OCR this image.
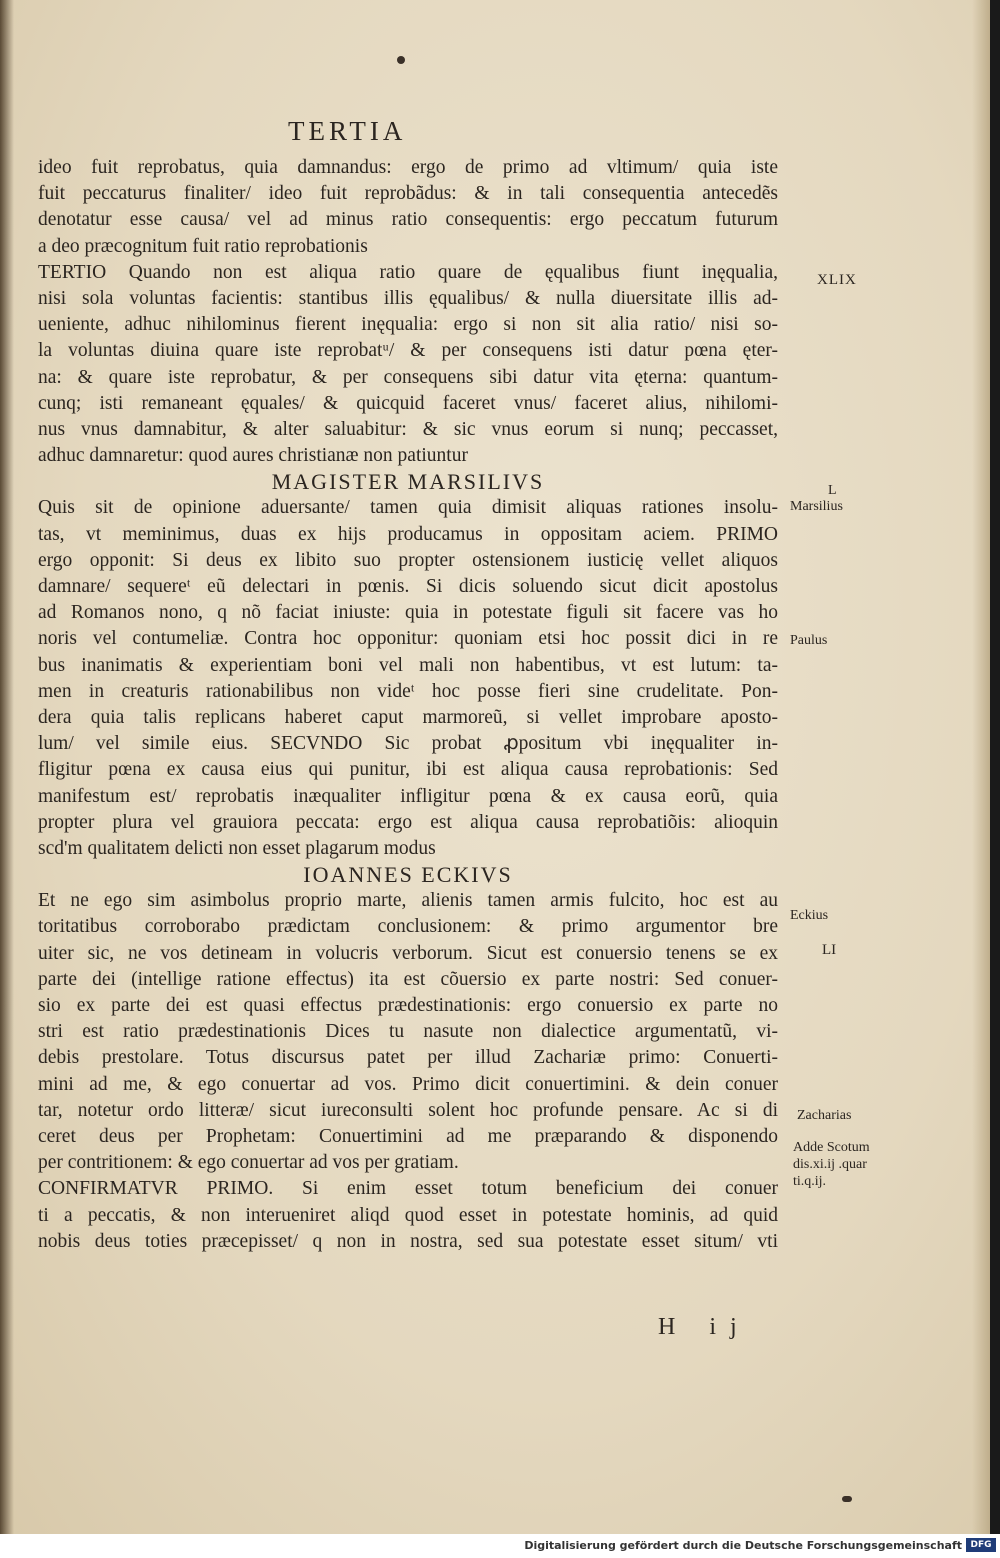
TERTIA
ideo fuit reprobatus, quia damnandus: ergo de primo ad vltimum/ quia iste
fuit peccaturus finaliter/ ideo fuit reprobãdus: & in tali consequentia antecedẽs
denotatur esse causa/ vel ad minus ratio consequentis: ergo peccatum futurum
a deo præcognitum fuit ratio reprobationis
TERTIO Quando non est aliqua ratio quare de ęqualibus fiunt inęqualia,
nisi sola voluntas facientis: stantibus illis ęqualibus/ & nulla diuersitate illis ad-
ueniente, adhuc nihilominus fierent inęqualia: ergo si non sit alia ratio/ nisi so-
la voluntas diuina quare iste reprobatᵘ/ & per consequens isti datur pœna ęter-
na: & quare iste reprobatur, & per consequens sibi datur vita ęterna: quantum-
cunq; isti remaneant ęquales/ & quicquid faceret vnus/ faceret alius, nihilomi-
nus vnus damnabitur, & alter saluabitur: & sic vnus eorum si nunq; peccasset,
adhuc damnaretur: quod aures christianæ non patiuntur
MAGISTER MARSILIVS
Quis sit de opinione aduersante/ tamen quia dimisit aliquas rationes insolu-
tas, vt meminimus, duas ex hijs producamus in oppositam aciem. PRIMO
ergo opponit: Si deus ex libito suo propter ostensionem iusticię vellet aliquos
damnare/ sequereᵗ eũ delectari in pœnis. Si dicis soluendo sicut dicit apostolus
ad Romanos nono, q nõ faciat iniuste: quia in potestate figuli sit facere vas ho
noris vel contumeliæ. Contra hoc opponitur: quoniam etsi hoc possit dici in re
bus inanimatis & experientiam boni vel mali non habentibus, vt est lutum: ta-
men in creaturis rationabilibus non videᵗ hoc posse fieri sine crudelitate. Pon-
dera quia talis replicans haberet caput marmoreũ, si vellet improbare aposto-
lum/ vel simile eius. SECVNDO Sic probat ꝓpositum vbi inęqualiter in-
fligitur pœna ex causa eius qui punitur, ibi est aliqua causa reprobationis: Sed
manifestum est/ reprobatis inæqualiter infligitur pœna & ex causa eorũ, quia
propter plura vel grauiora peccata: ergo est aliqua causa reprobatiõis: alioquin
scd'm qualitatem delicti non esset plagarum modus
IOANNES ECKIVS
Et ne ego sim asimbolus proprio marte, alienis tamen armis fulcito, hoc est au
toritatibus corroborabo prædictam conclusionem: & primo argumentor bre
uiter sic, ne vos detineam in volucris verborum. Sicut est conuersio tenens se ex
parte dei (intellige ratione effectus) ita est cõuersio ex parte nostri: Sed conuer-
sio ex parte dei est quasi effectus prædestinationis: ergo conuersio ex parte no
stri est ratio prædestinationis Dices tu nasute non dialectice argumentatũ, vi-
debis prestolare. Totus discursus patet per illud Zachariæ primo: Conuerti-
mini ad me, & ego conuertar ad vos. Primo dicit conuertimini. & dein conuer
tar, notetur ordo litteræ/ sicut iureconsulti solent hoc profunde pensare. Ac si di
ceret deus per Prophetam: Conuertimini ad me præparando & disponendo
per contritionem: & ego conuertar ad vos per gratiam.
CONFIRMATVR PRIMO. Si enim esset totum beneficium dei conuer
ti a peccatis, & non interueniret aliqd quod esset in potestate hominis, ad quid
nobis deus toties præcepisset/ q non in nostra, sed sua potestate esset situm/ vti
XLIX
L
Marsilius
Paulus
Eckius
LI
Zacharias
Adde Scotum
dis.xi.ij .quar
ti.q.ij.
H ij
Digitalisierung gefördert durch die Deutsche Forschungsgemeinschaft DFG
